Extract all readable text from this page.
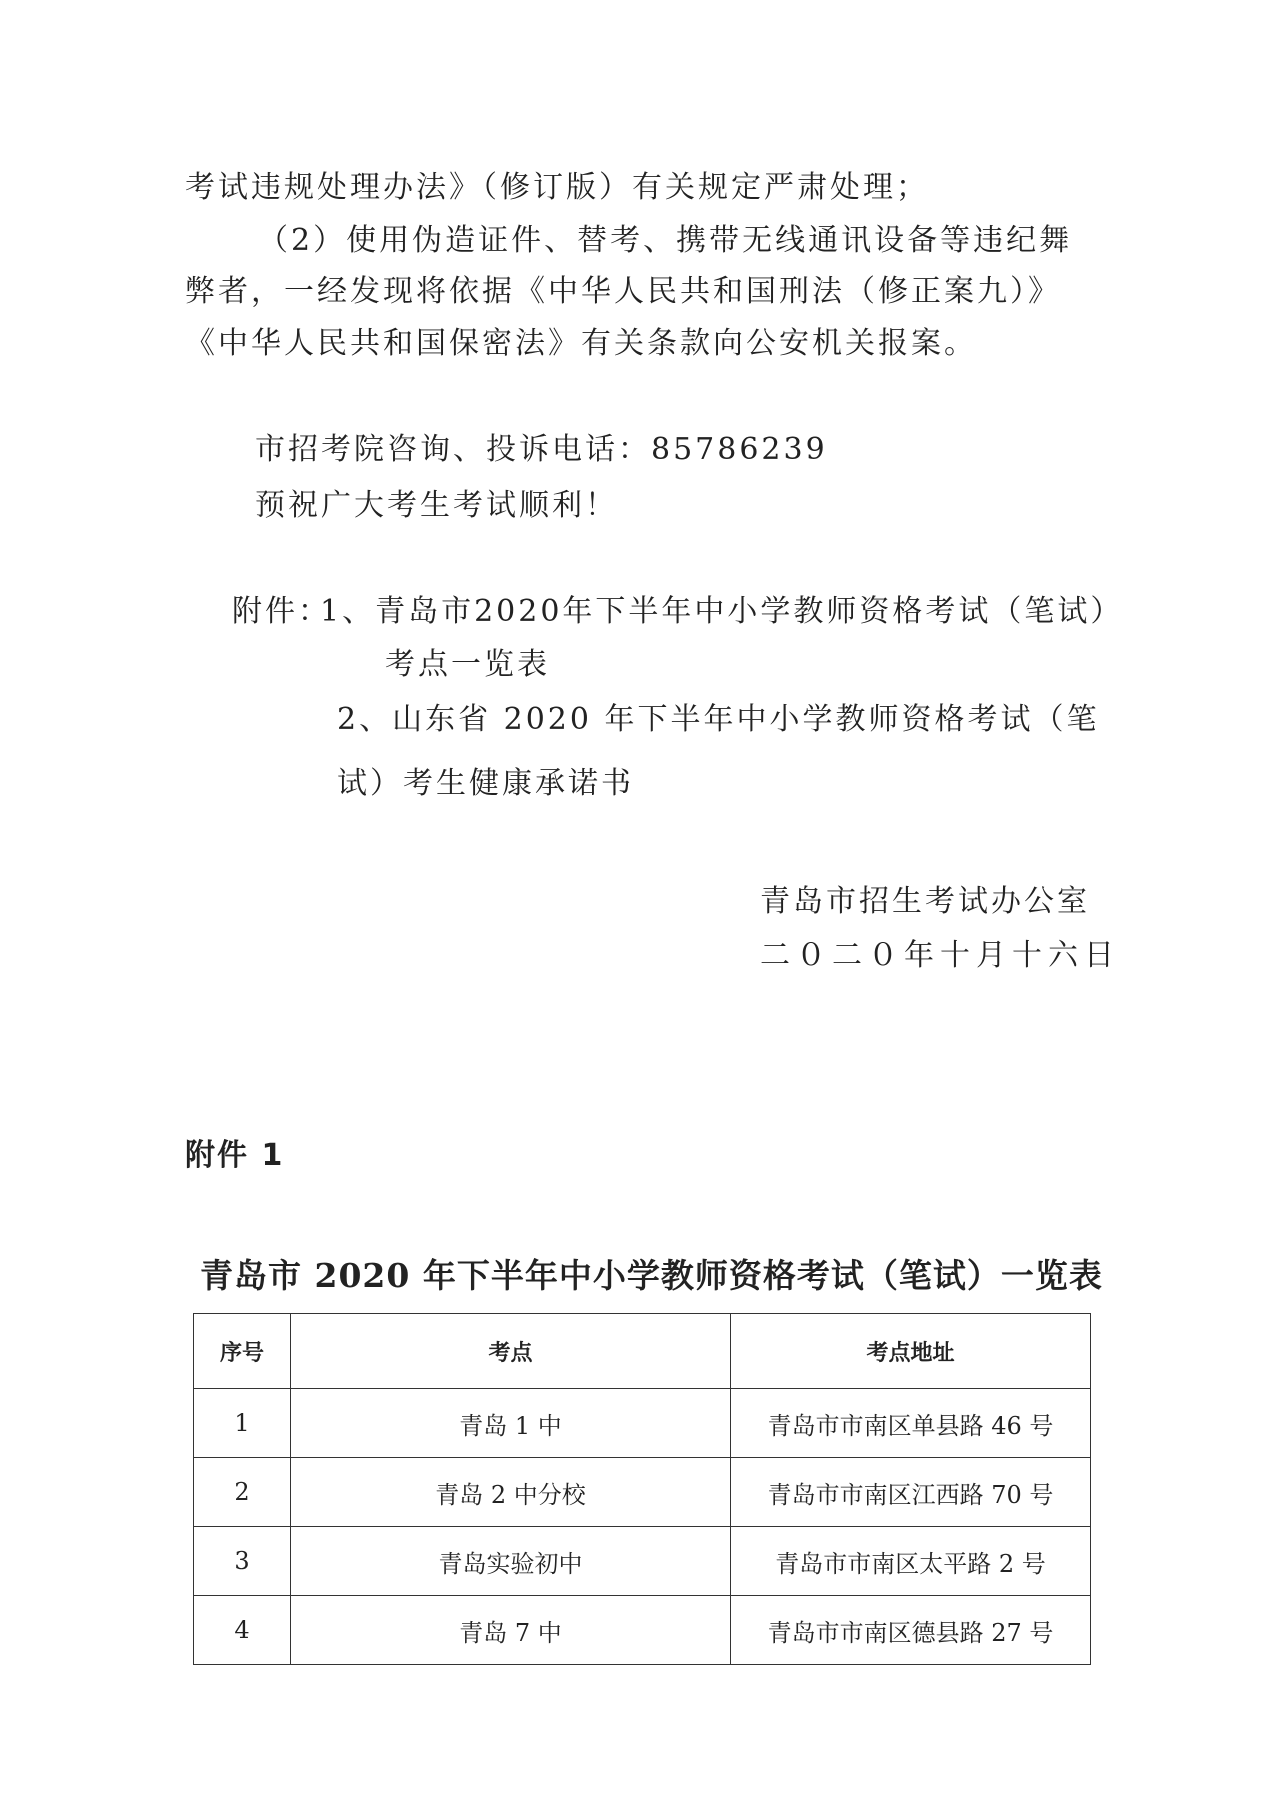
考试违规处理办法》（修订版）有关规定严肃处理；
（2）使用伪造证件、替考、携带无线通讯设备等违纪舞
弊者，一经发现将依据《中华人民共和国刑法（修正案九）》
《中华人民共和国保密法》有关条款向公安机关报案。
市招考院咨询、投诉电话：85786239
预祝广大考生考试顺利！
附件：
1、青岛市2020年下半年中小学教师资格考试（笔试）
考点一览表
2、山东省 2020 年下半年中小学教师资格考试（笔
试）考生健康承诺书
青岛市招生考试办公室
二０二０年十月十六日
附件 1
青岛市 2020 年下半年中小学教师资格考试（笔试）一览表
序号	考点	考点地址
1	青岛 1 中	青岛市市南区单县路 46 号
2	青岛 2 中分校	青岛市市南区江西路 70 号
3	青岛实验初中	青岛市市南区太平路 2 号
4	青岛 7 中	青岛市市南区德县路 27 号
